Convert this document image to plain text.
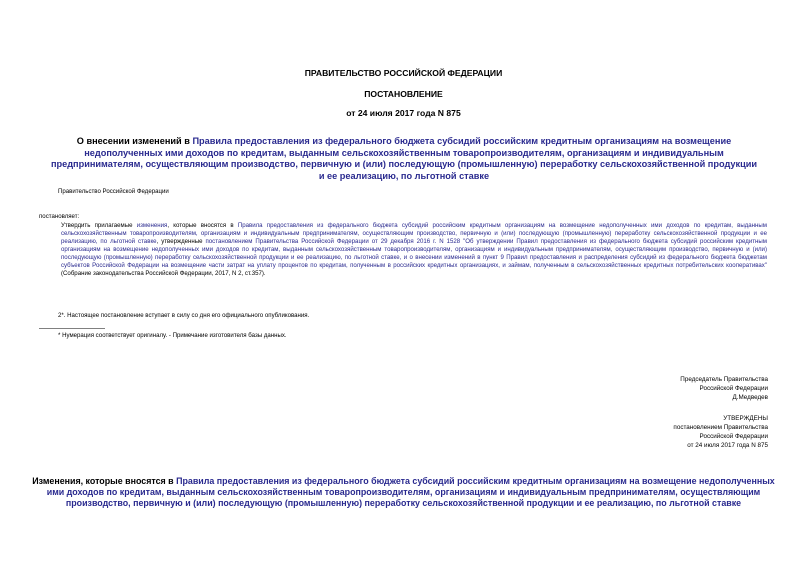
ПРАВИТЕЛЬСТВО РОССИЙСКОЙ ФЕДЕРАЦИИ
ПОСТАНОВЛЕНИЕ
от 24 июля 2017 года N 875
О внесении изменений в Правила предоставления из федерального бюджета субсидий российским кредитным организациям на возмещение недополученных ими доходов по кредитам, выданным сельскохозяйственным товаропроизводителям, организациям и индивидуальным предпринимателям, осуществляющим производство, первичную и (или) последующую (промышленную) переработку сельскохозяйственной продукции и ее реализацию, по льготной ставке
Правительство Российской Федерации
постановляет:
Утвердить прилагаемые изменения, которые вносятся в Правила предоставления из федерального бюджета субсидий российским кредитным организациям на возмещение недополученных ими доходов по кредитам, выданным сельскохозяйственным товаропроизводителям, организациям и индивидуальным предпринимателям, осуществляющим производство, первичную и (или) последующую (промышленную) переработку сельскохозяйственной продукции и ее реализацию, по льготной ставке, утвержденные постановлением Правительства Российской Федерации от 29 декабря 2016 г. N 1528 "Об утверждении Правил предоставления из федерального бюджета субсидий российским кредитным организациям на возмещение недополученных ими доходов по кредитам, выданным сельскохозяйственным товаропроизводителям, организациям и индивидуальным предпринимателям, осуществляющим производство, первичную и (или) последующую (промышленную) переработку сельскохозяйственной продукции и ее реализацию, по льготной ставке, и о внесении изменений в пункт 9 Правил предоставления и распределения субсидий из федерального бюджета бюджетам субъектов Российской Федерации на возмещение части затрат на уплату процентов по кредитам, полученным в российских кредитных организациях, и займам, полученным в сельскохозяйственных кредитных потребительских кооперативах" (Собрание законодательства Российской Федерации, 2017, N 2, ст.357).
2*. Настоящее постановление вступает в силу со дня его официального опубликования.
* Нумерация соответствует оригиналу. - Примечание изготовителя базы данных.
Председатель Правительства
Российской Федерации
Д.Медведев
УТВЕРЖДЕНЫ
постановлением Правительства
Российской Федерации
от 24 июля 2017 года N 875
Изменения, которые вносятся в Правила предоставления из федерального бюджета субсидий российским кредитным организациям на возмещение недополученных ими доходов по кредитам, выданным сельскохозяйственным товаропроизводителям, организациям и индивидуальным предпринимателям, осуществляющим производство, первичную и (или) последующую (промышленную) переработку сельскохозяйственной продукции и ее реализацию, по льготной ставке
